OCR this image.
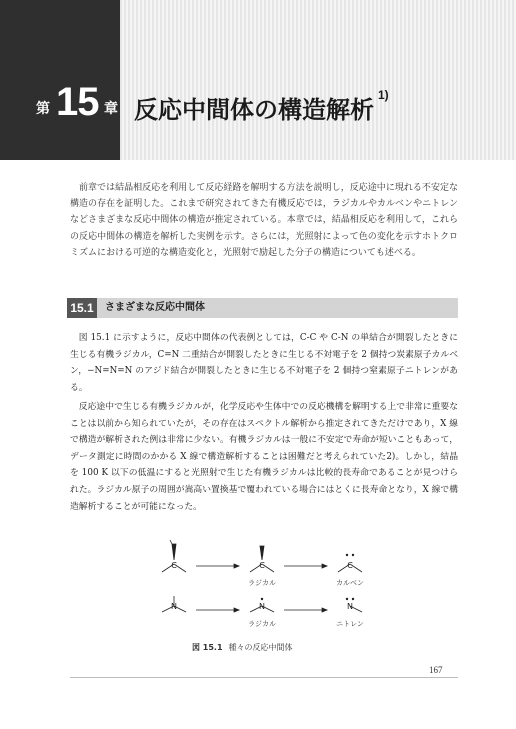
第 15 章 反応中間体の構造解析$^{1)}$
前章では結晶相反応を利用して反応経路を解明する方法を説明し，反応途中に現れる不安定な構造の存在を証明した。これまで研究されてきた有機反応では，ラジカルやカルベンやニトレンなどさまざまな反応中間体の構造が推定されている。本章では，結晶相反応を利用して，これらの反応中間体の構造を解析した実例を示す。さらには，光照射によって色の変化を示すホトクロミズムにおける可逆的な構造変化と，光照射で励起した分子の構造についても述べる。
15.1	さまざまな反応中間体
図 15.1 に示すように，反応中間体の代表例としては，C-C や C-N の単結合が開裂したときに生じる有機ラジカル，C=N 二重結合が開裂したときに生じる不対電子を 2 個持つ炭素原子カルベン，−N=N=N のアジド結合が開裂したときに生じる不対電子を 2 個持つ窒素原子ニトレンがある。
反応途中で生じる有機ラジカルが，化学反応や生体中での反応機構を解明する上で非常に重要なことは以前から知られていたが，その存在はスペクトル解析から推定されてきただけであり，X 線で構造が解析された例は非常に少ない。有機ラジカルは一般に不安定で寿命が短いこともあって，データ測定に時間のかかる X 線で構造解析することは困難だと考えられていた2)。しかし，結晶を 100 K 以下の低温にすると光照射で生じた有機ラジカルは比較的長寿命であることが見つけられた。ラジカル原子の周囲が嵩高い置換基で覆われている場合にはとくに長寿命となり，X 線で構造解析することが可能になった。
C	C	C
N	N	N
ラジカル	カルベン
ラジカル	ニトレン
図 15.1 種々の反応中間体
167
